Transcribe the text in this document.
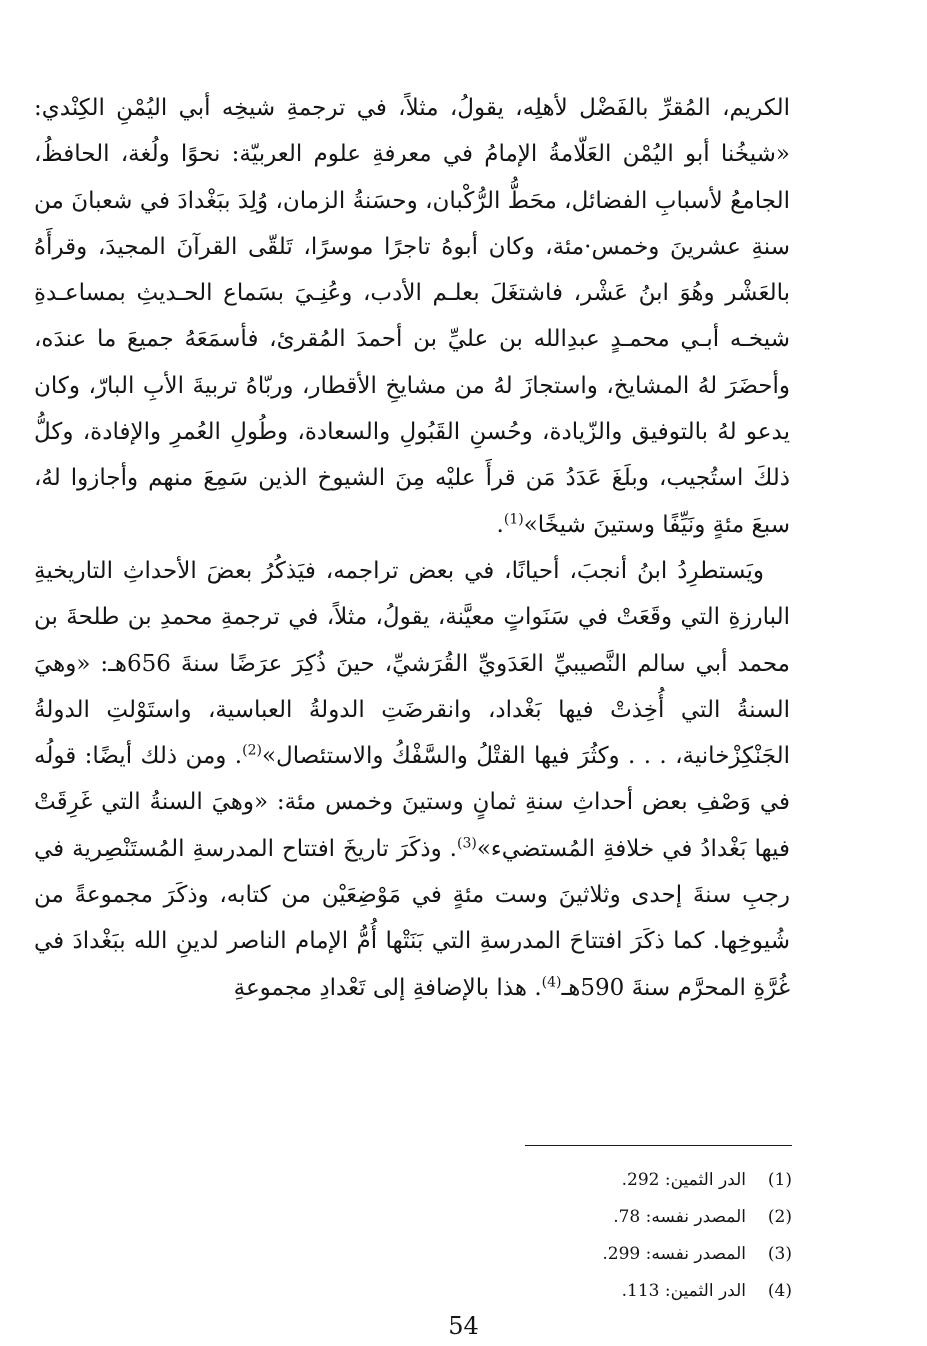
الكريم، المُقرِّ بالفَضْل لأهلِه، يقولُ، مثلاً، في ترجمةِ شيخِه أبي اليُمْنِ الكِنْدي: «شيخُنا أبو اليُمْن العَلّامةُ الإمامُ في معرفةِ علوم العربيّة: نحوًا ولُغة، الحافظُ، الجامعُ لأسبابِ الفضائل، محَطُّ الرُّكْبان، وحسَنةُ الزمان، وُلِدَ ببَغْدادَ في شعبانَ من سنةِ عشرينَ وخمس·مئة، وكان أبوهُ تاجرًا موسرًا، تَلقّى القرآنَ المجيدَ، وقرأَهُ بالعَشْر وهُوَ ابنُ عَشْر، فاشتغَلَ بعلـم الأدب، وعُنِـيَ بسَماع الحـديثِ بمساعـدةِ شيخـه أبـي محمـدٍ عبدِالله بن عليِّ بن أحمدَ المُقرئ، فأسمَعَهُ جميعَ ما عندَه، وأحضَرَ لهُ المشايخ، واستجازَ لهُ من مشايخِ الأقطار، وربّاهُ تربيةَ الأبِ البارّ، وكان يدعو لهُ بالتوفيق والزّيادة، وحُسنِ القَبُولِ والسعادة، وطُولِ العُمرِ والإفادة، وكلُّ ذلكَ استُجيب، وبلَغَ عَدَدُ مَن قرأَ عليْه مِنَ الشيوخ الذين سَمِعَ منهم وأجازوا لهُ، سبعَ مئةٍ ونَيِّفًا وستينَ شيخًا»$^{(1)}$.

ويَستطرِدُ ابنُ أنجبَ، أحيانًا، في بعض تراجمه، فيَذكُرُ بعضَ الأحداثِ التاريخيةِ البارزةِ التي وقَعَتْ في سَنَواتٍ معيَّنة، يقولُ، مثلاً، في ترجمةِ محمدِ بن طلحةَ بن محمد أبي سالم النَّصيبيِّ العَدَويِّ القُرَشيِّ، حينَ ذُكِرَ عرَضًا سنةَ 656هـ: «وهيَ السنةُ التي أُخِذتْ فيها بَغْداد، وانقرضَتِ الدولةُ العباسية، واستَوْلتِ الدولةُ الجَنْكِزْخانية، . . . وكثُرَ فيها القتْلُ والسَّفْكُ والاستئصال»$^{(2)}$. ومن ذلك أيضًا: قولُه في وَصْفِ بعض أحداثِ سنةِ ثمانٍ وستينَ وخمس مئة: «وهيَ السنةُ التي غَرِقَتْ فيها بَغْدادُ في خلافةِ المُستضيء»$^{(3)}$. وذكَرَ تاريخَ افتتاح المدرسةِ المُستَنْصِرية في رجبِ سنةَ إحدى وثلاثينَ وست مئةٍ في مَوْضِعَيْن من كتابه، وذكَرَ مجموعةً من شُيوخِها. كما ذكَرَ افتتاحَ المدرسةِ التي بَنَتْها أُمُّ الإمام الناصر لدينِ الله ببَغْدادَ في غُرَّةِ المحرَّم سنةَ 590هـ$^{(4)}$. هذا بالإضافةِ إلى تَعْدادِ مجموعةِ

(1)
الدر الثمين: 292.
(2)
المصدر نفسه: 78.
(3)
المصدر نفسه: 299.
(4)
الدر الثمين: 113.
54
